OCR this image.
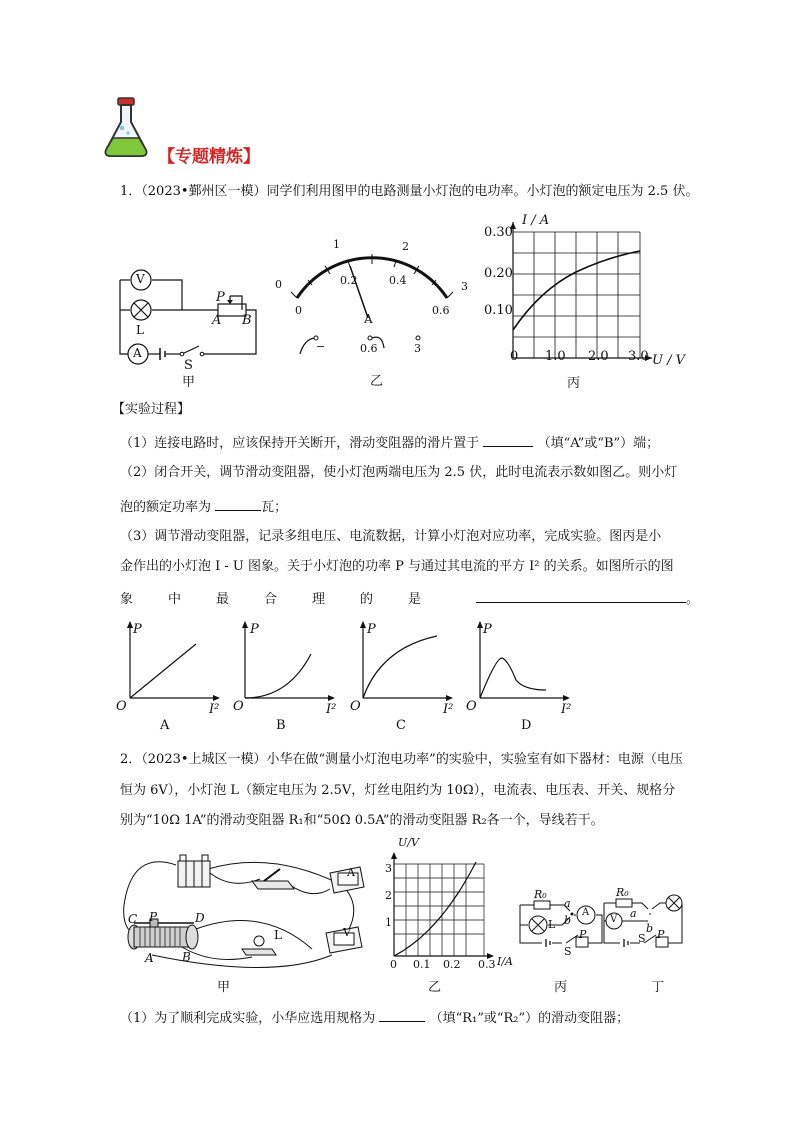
【专题精炼】
1．（2023•鄞州区一模）同学们利用图甲的电路测量小灯泡的电功率。小灯泡的额定电压为 2.5 伏。
V
A
L
P
A B
S
甲
0
1	2
3
0
0.2	0.4
0.6
A
−	0.6	3
乙
I / A
0.30
0.20
0.10
0 1.0 2.0 3.0 U / V
丙
【实验过程】
（1）连接电路时，应该保持开关断开，滑动变阻器的滑片置于	（填“A”或“B”）端；
（2）闭合开关，调节滑动变阻器，使小灯泡两端电压为 2.5 伏，此时电流表示数如图乙。则小灯
泡的额定功率为	瓦；
（3）调节滑动变阻器，记录多组电压、电流数据，计算小灯泡对应功率，完成实验。图丙是小
金作出的小灯泡 I - U 图象。关于小灯泡的功率 P 与通过其电流的平方 I² 的关系。如图所示的图
象	中	最	合	理	的	是	。
P
O	I²
A
P
O	I²
B
P
O	I²
C
P
O	I²
D
2．（2023•上城区一模）小华在做“测量小灯泡电功率”的实验中，实验室有如下器材：电源（电压
恒为 6V），小灯泡 L（额定电压为 2.5V，灯丝电阻约为 10Ω），电流表、电压表、开关、规格分
别为“10Ω 1A”的滑动变阻器 R₁和“50Ω 0.5A”的滑动变阻器 R₂各一个，导线若干。
C P	D
A B
L
A
V
甲
U/V
3
2
1
0 0.1 0.2 0.3 I/A
乙
R₀
a
b
L
A
P
S
丙
R₀
V a
b
S P
丁
（1）为了顺利完成实验，小华应选用规格为	（填“R₁”或“R₂”）的滑动变阻器；
